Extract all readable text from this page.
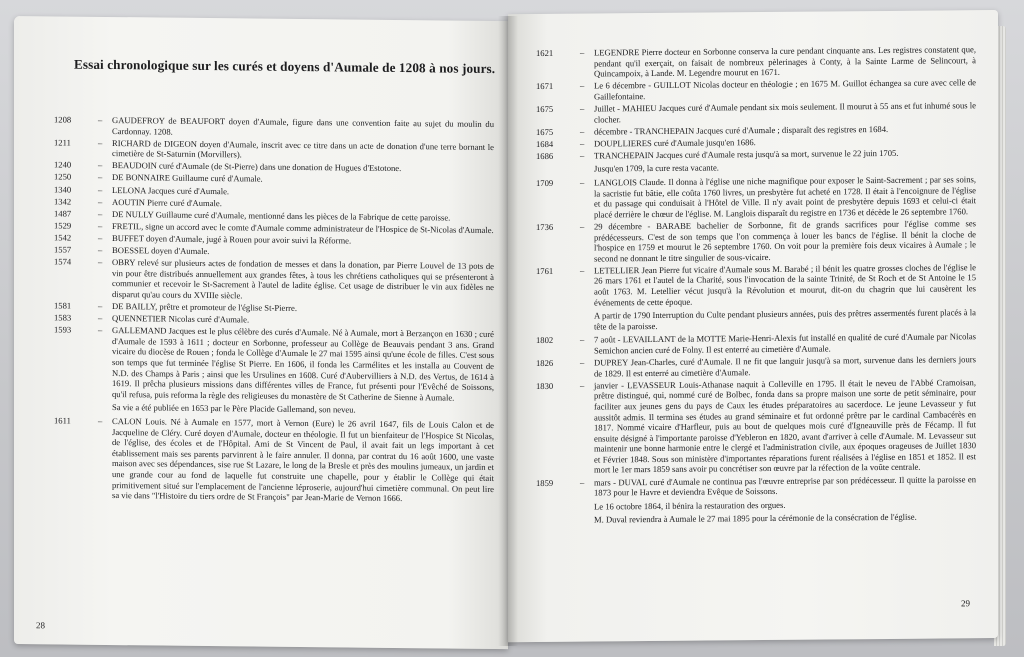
Essai chronologique sur les curés et doyens d'Aumale de 1208 à nos jours.
1208	–	GAUDEFROY de BEAUFORT doyen d'Aumale, figure dans une convention faite au sujet du moulin du Cardonnay. 1208.
1211	–	RICHARD de DIGEON doyen d'Aumale, inscrit avec ce titre dans un acte de donation d'une terre bornant le cimetière de St-Saturnin (Morvillers).
1240	–	BEAUDOIN curé d'Aumale (de St-Pierre) dans une donation de Hugues d'Estotone.
1250	–	DE BONNAIRE Guillaume curé d'Aumale.
1340	–	LELONA Jacques curé d'Aumale.
1342	–	AOUTIN Pierre curé d'Aumale.
1487	–	DE NULLY Guillaume curé d'Aumale, mentionné dans les pièces de la Fabrique de cette paroisse.
1529	–	FRETIL, signe un accord avec le comte d'Aumale comme administrateur de l'Hospice de St-Nicolas d'Aumale.
1542	–	BUFFET doyen d'Aumale, jugé à Rouen pour avoir suivi la Réforme.
1557	–	BOESSEL doyen d'Aumale.
1574	–	OBRY relevé sur plusieurs actes de fondation de messes et dans la donation, par Pierre Louvel de 13 pots de vin pour être distribués annuellement aux grandes fêtes, à tous les chrétiens catholiques qui se présenteront à communier et recevoir le St-Sacrement à l'autel de ladite église. Cet usage de distribuer le vin aux fidèles ne disparut qu'au cours du XVIIIe siècle.
1581	–	DE BAILLY, prêtre et promoteur de l'église St-Pierre.
1583	–	QUENNETIER Nicolas curé d'Aumale.
1593	–	GALLEMAND Jacques est le plus célèbre des curés d'Aumale. Né à Aumale, mort à Berzançon en 1630 ; curé d'Aumale de 1593 à 1611 ; docteur en Sorbonne, professeur au Collège de Beauvais pendant 3 ans. Grand vicaire du diocèse de Rouen ; fonda le Collège d'Aumale le 27 mai 1595 ainsi qu'une école de filles. C'est sous son temps que fut terminée l'église St Pierre. En 1606, il fonda les Carmélites et les installa au Couvent de N.D. des Champs à Paris ; ainsi que les Ursulines en 1608. Curé d'Aubervilliers à N.D. des Vertus, de 1614 à 1619. Il prêcha plusieurs missions dans différentes villes de France, fut présenti pour l'Evêché de Soissons, qu'il refusa, puis reforma la règle des religieuses du monastère de St Catherine de Sienne à Aumale.
Sa vie a été publiée en 1653 par le Père Placide Gallemand, son neveu.
1611	–	CALON Louis. Né à Aumale en 1577, mort à Vernon (Eure) le 26 avril 1647, fils de Louis Calon et de Jacqueline de Cléry. Curé doyen d'Aumale, docteur en théologie. Il fut un bienfaiteur de l'Hospice St Nicolas, de l'église, des écoles et de l'Hôpital. Ami de St Vincent de Paul, il avait fait un legs important à cet établissement mais ses parents parvinrent à le faire annuler. Il donna, par contrat du 16 août 1600, une vaste maison avec ses dépendances, sise rue St Lazare, le long de la Bresle et près des moulins jumeaux, un jardin et une grande cour au fond de laquelle fut construite une chapelle, pour y établir le Collège qui était primitivement situé sur l'emplacement de l'ancienne léproserie, aujourd'hui cimetière communal. On peut lire sa vie dans "l'Histoire du tiers ordre de St François" par Jean-Marie de Vernon 1666.
28
1621	–	LEGENDRE Pierre docteur en Sorbonne conserva la cure pendant cinquante ans. Les registres constatent que, pendant qu'il exerçait, on faisait de nombreux pèlerinages à Conty, à la Sainte Larme de Selincourt, à Quincampoix, à Lande. M. Legendre mourut en 1671.
1671	–	Le 6 décembre - GUILLOT Nicolas docteur en théologie ; en 1675 M. Guillot échangea sa cure avec celle de Gaillefontaine.
1675	–	Juillet - MAHIEU Jacques curé d'Aumale pendant six mois seulement. Il mourut à 55 ans et fut inhumé sous le clocher.
1675	–	décembre - TRANCHEPAIN Jacques curé d'Aumale ; disparaît des registres en 1684.
1684	–	DOUPLLIERES curé d'Aumale jusqu'en 1686.
1686	–	TRANCHEPAIN Jacques curé d'Aumale resta jusqu'à sa mort, survenue le 22 juin 1705.
Jusqu'en 1709, la cure resta vacante.
1709	–	LANGLOIS Claude. Il donna à l'église une niche magnifique pour exposer le Saint-Sacrement ; par ses soins, la sacristie fut bâtie, elle coûta 1760 livres, un presbytère fut acheté en 1728. Il était à l'encoignure de l'église et du passage qui conduisait à l'Hôtel de Ville. Il n'y avait point de presbytère depuis 1693 et celui-ci était placé derrière le chœur de l'église. M. Langlois disparaît du registre en 1736 et décède le 26 septembre 1760.
1736	–	29 décembre - BARABE bachelier de Sorbonne, fit de grands sacrifices pour l'église comme ses prédécesseurs. C'est de son temps que l'on commença à louer les bancs de l'église. Il bénit la cloche de l'hospice en 1759 et mourut le 26 septembre 1760. On voit pour la première fois deux vicaires à Aumale ; le second ne donnant le titre singulier de sous-vicaire.
1761	–	LETELLIER Jean Pierre fut vicaire d'Aumale sous M. Barabé ; il bénit les quatre grosses cloches de l'église le 26 mars 1761 et l'autel de la Charité, sous l'invocation de la sainte Trinité, de St Roch et de St Antoine le 15 août 1763. M. Letellier vécut jusqu'à la Révolution et mourut, dit-on du chagrin que lui causèrent les événements de cette époque.
A partir de 1790 Interruption du Culte pendant plusieurs années, puis des prêtres assermentés furent placés à la tête de la paroisse.
1802	–	7 août - LEVAILLANT de la MOTTE Marie-Henri-Alexis fut installé en qualité de curé d'Aumale par Nicolas Semichon ancien curé de Folny. Il est enterré au cimetière d'Aumale.
1826	–	DUPREY Jean-Charles, curé d'Aumale. Il ne fit que languir jusqu'à sa mort, survenue dans les derniers jours de 1829. Il est enterré au cimetière d'Aumale.
1830	–	janvier - LEVASSEUR Louis-Athanase naquit à Colleville en 1795. Il était le neveu de l'Abbé Cramoisan, prêtre distingué, qui, nommé curé de Bolbec, fonda dans sa propre maison une sorte de petit séminaire, pour faciliter aux jeunes gens du pays de Caux les études préparatoires au sacerdoce. Le jeune Levasseur y fut aussitôt admis. Il termina ses études au grand séminaire et fut ordonné prêtre par le cardinal Cambacérès en 1817. Nommé vicaire d'Harfleur, puis au bout de quelques mois curé d'Igneauville près de Fécamp. Il fut ensuite désigné à l'importante paroisse d'Yebleron en 1820, avant d'arriver à celle d'Aumale. M. Levasseur sut maintenir une bonne harmonie entre le clergé et l'administration civile, aux époques orageuses de Juillet 1830 et Février 1848. Sous son ministère d'importantes réparations furent réalisées à l'église en 1851 et 1852. Il est mort le 1er mars 1859 sans avoir pu concrétiser son œuvre par la réfection de la voûte centrale.
1859	–	mars - DUVAL curé d'Aumale ne continua pas l'œuvre entreprise par son prédécesseur. Il quitte la paroisse en 1873 pour le Havre et deviendra Evêque de Soissons.
Le 16 octobre 1864, il bénira la restauration des orgues.
M. Duval reviendra à Aumale le 27 mai 1895 pour la cérémonie de la consécration de l'église.
29
